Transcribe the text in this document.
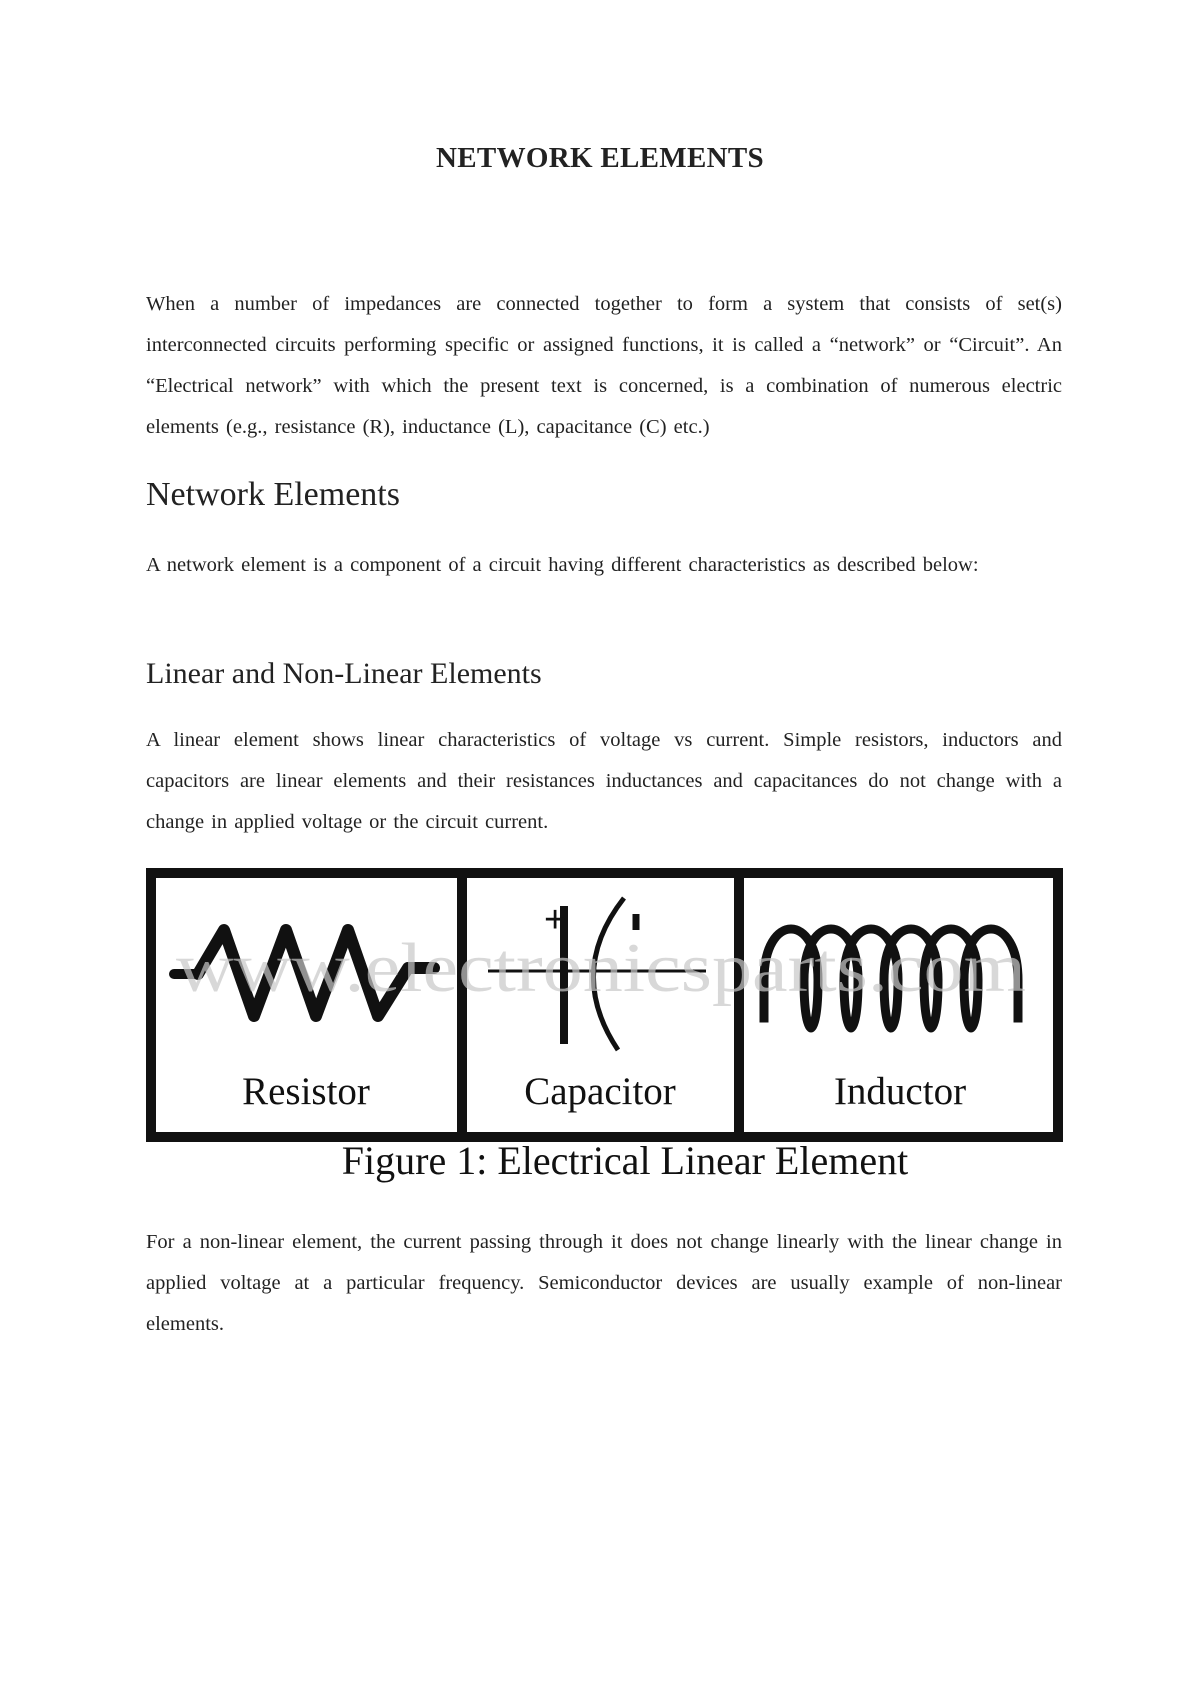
NETWORK ELEMENTS

When a number of impedances are connected together to form a system that consists of set(s) interconnected circuits performing specific or assigned functions, it is called a “network” or “Circuit”. An “Electrical network” with which the present text is concerned, is a combination of numerous electric elements (e.g., resistance (R), inductance (L), capacitance (C) etc.)

Network Elements

A network element is a component of a circuit having different characteristics as described below:

Linear and Non-Linear Elements

A linear element shows linear characteristics of voltage vs current. Simple resistors, inductors and capacitors are linear elements and their resistances inductances and capacitances do not change with a change in applied voltage or the circuit current.

+
www.electronicsparts.com
Resistor	Capacitor	Inductor

Figure 1: Electrical Linear Element

For a non-linear element, the current passing through it does not change linearly with the linear change in applied voltage at a particular frequency. Semiconductor devices are usually example of non-linear elements.
